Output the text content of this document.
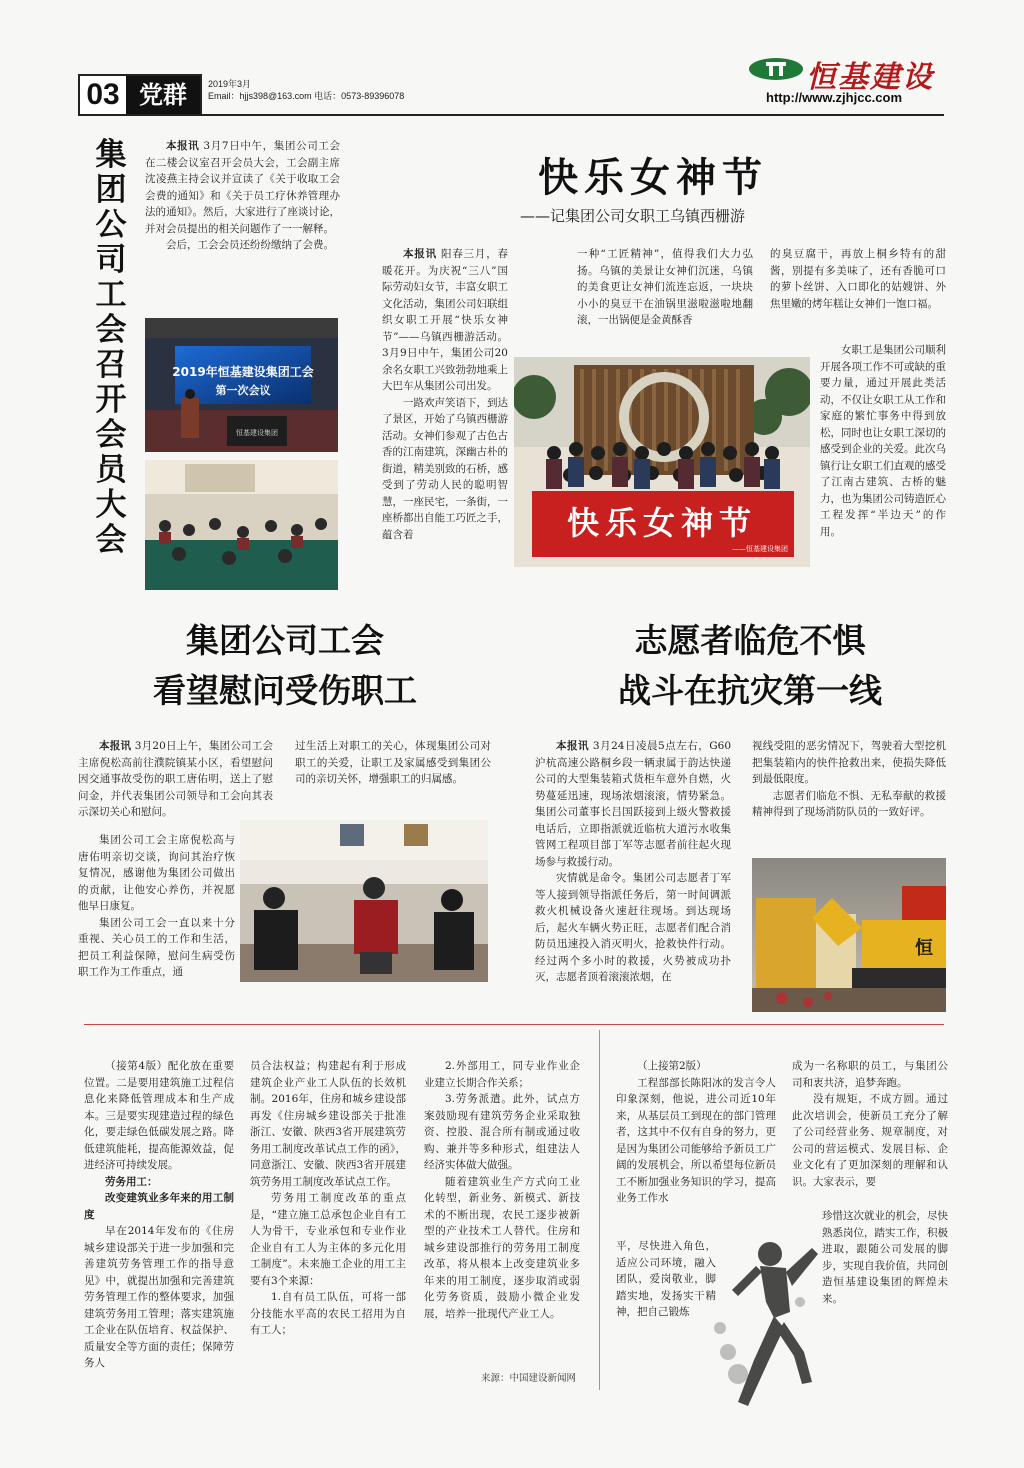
03 党群	2019年3月
Email：hjjs398@163.com 电话：0573-89396078
恒基建设
http://www.zjhjcc.com
集团公司工会召开会员大会

本报讯 3月7日中午，集团公司工会在二楼会议室召开会员大会，工会副主席沈凌燕主持会议并宣读了《关于收取工会会费的通知》和《关于员工疗休养管理办法的通知》。然后，大家进行了座谈讨论，并对会员提出的相关问题作了一一解释。

会后，工会会员还纷纷缴纳了会费。

2019年恒基建设集团工会
第一次会议
恒基建设集团
快乐女神节
——记集团公司女职工乌镇西栅游

本报讯 阳春三月，春暖花开。为庆祝“三八”国际劳动妇女节，丰富女职工文化活动，集团公司妇联组织女职工开展“快乐女神节”——乌镇西栅游活动。3月9日中午，集团公司20余名女职工兴致勃勃地乘上大巴车从集团公司出发。

一路欢声笑语下，到达了景区，开始了乌镇西栅游活动。女神们参观了古色古香的江南建筑，深幽古朴的街道，精美别致的石桥，感受到了劳动人民的聪明智慧，一座民宅，一条街，一座桥都出自能工巧匠之手，蕴含着

一种“工匠精神”，值得我们大力弘扬。乌镇的美景让女神们沉迷，乌镇的美食更让女神们流连忘返，一块块小小的臭豆干在油锅里滋啦滋啦地翻滚，一出锅便是金黄酥香

的臭豆腐干，再放上桐乡特有的甜酱，别提有多美味了，还有香脆可口的萝卜丝饼、入口即化的姑嫂饼、外焦里嫩的烤年糕让女神们一饱口福。

女职工是集团公司顺利开展各项工作不可或缺的重要力量，通过开展此类活动，不仅让女职工从工作和家庭的繁忙事务中得到放松，同时也让女职工深切的感受到企业的关爱。此次乌镇行让女职工们直观的感受了江南古建筑、古桥的魅力，也为集团公司铸造匠心工程发挥“半边天”的作用。

快乐女神节
——恒基建设集团
集团公司工会
看望慰问受伤职工

本报讯 3月20日上午，集团公司工会主席倪松高前往濮院镇某小区，看望慰问因交通事故受伤的职工唐佑明，送上了慰问金，并代表集团公司领导和工会向其表示深切关心和慰问。

集团公司工会主席倪松高与唐佑明亲切交谈，询问其治疗恢复情况，感谢他为集团公司做出的贡献，让他安心养伤，并祝愿他早日康复。

集团公司工会一直以来十分重视、关心员工的工作和生活，把员工利益保障，慰问生病受伤职工作为工作重点，通

过生活上对职工的关心，体现集团公司对职工的关爱，让职工及家属感受到集团公司的亲切关怀，增强职工的归属感。

志愿者临危不惧
战斗在抗灾第一线

本报讯 3月24日凌晨5点左右，G60沪杭高速公路桐乡段一辆隶属于韵达快递公司的大型集装箱式货柜车意外自燃，火势蔓延迅速，现场浓烟滚滚，情势紧急。集团公司董事长吕国跃接到上级火警救援电话后，立即指派就近临杭大道污水收集管网工程项目部丁军等志愿者前往起火现场参与救援行动。

灾情就是命令。集团公司志愿者丁军等人接到领导指派任务后，第一时间调派救火机械设备火速赶往现场。到达现场后，起火车辆火势正旺，志愿者们配合消防员迅速投入消灭明火，抢救快件行动。经过两个多小时的救援，火势被成功扑灭，志愿者顶着滚滚浓烟，在

视线受阻的恶劣情况下，驾驶着大型挖机把集装箱内的快件抢救出来，使损失降低到最低限度。

志愿者们临危不惧、无私奉献的救援精神得到了现场消防队员的一致好评。

恒

（接第4版）配化放在重要位置。二是要用建筑施工过程信息化来降低管理成本和生产成本。三是要实现建造过程的绿色化，要走绿色低碳发展之路。降低建筑能耗，提高能源效益，促进经济可持续发展。

劳务用工：

改变建筑业多年来的用工制度

早在2014年发布的《住房城乡建设部关于进一步加强和完善建筑劳务管理工作的指导意见》中，就提出加强和完善建筑劳务管理工作的整体要求，加强建筑劳务用工管理；落实建筑施工企业在队伍培育、权益保护、质量安全等方面的责任；保障劳务人

员合法权益；构建起有利于形成建筑企业产业工人队伍的长效机制。2016年，住房和城乡建设部再发《住房城乡建设部关于批准浙江、安徽、陕西3省开展建筑劳务用工制度改革试点工作的函》，同意浙江、安徽、陕西3省开展建筑劳务用工制度改革试点工作。

劳务用工制度改革的重点是，“建立施工总承包企业自有工人为骨干，专业承包和专业作业企业自有工人为主体的多元化用工制度”。未来施工企业的用工主要有3个来源：

1.自有员工队伍，可将一部分技能水平高的农民工招用为自有工人；

2.外部用工，同专业作业企业建立长期合作关系；

3.劳务派遣。此外，试点方案鼓励现有建筑劳务企业采取独资、控股、混合所有制或通过收购、兼并等多种形式，组建法人经济实体做大做强。

随着建筑业生产方式向工业化转型，新业务、新模式、新技术的不断出现，农民工逐步被新型的产业技术工人替代。住房和城乡建设部推行的劳务用工制度改革，将从根本上改变建筑业多年来的用工制度，逐步取消或弱化劳务资质，鼓励小微企业发展，培养一批现代产业工人。

来源：中国建设新闻网

（上接第2版）

工程部部长陈阳冰的发言令人印象深刻，他说，进公司近10年来，从基层员工到现在的部门管理者，这其中不仅有自身的努力，更是因为集团公司能够给予新员工广阔的发展机会，所以希望每位新员工不断加强业务知识的学习，提高业务工作水

平，尽快进入角色，适应公司环境，融入团队，爱岗敬业，脚踏实地，发扬实干精神，把自己锻炼

成为一名称职的员工，与集团公司和衷共济，追梦奔跑。

没有规矩，不成方圆。通过此次培训会，使新员工充分了解了公司经营业务、规章制度，对公司的营运模式、发展目标、企业文化有了更加深刻的理解和认识。大家表示，要

珍惜这次就业的机会，尽快熟悉岗位，踏实工作，积极进取，跟随公司发展的脚步，实现自我价值，共同创造恒基建设集团的辉煌未来。
